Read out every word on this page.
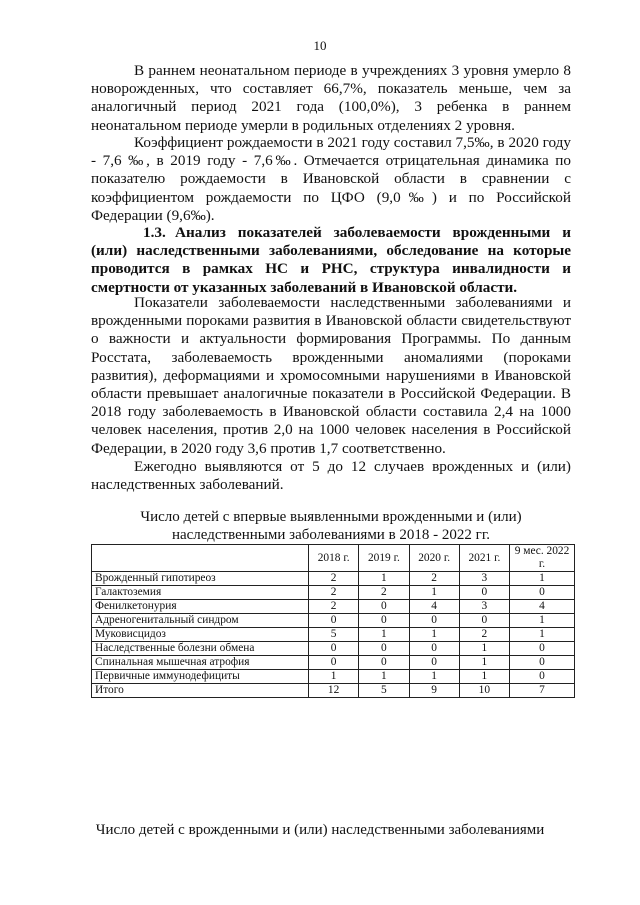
10

В раннем неонатальном периоде в учреждениях 3 уровня умерло 8 новорожденных, что составляет 66,7%, показатель меньше, чем за аналогичный период 2021 года (100,0%), 3 ребенка в раннем неонатальном периоде умерли в родильных отделениях 2 уровня.

Коэффициент рождаемости в 2021 году составил 7,5‰, в 2020 году - 7,6 ‰, в 2019 году - 7,6‰. Отмечается отрицательная динамика по показателю рождаемости в Ивановской области в сравнении с коэффициентом рождаемости по ЦФО (9,0‰) и по Российской Федерации (9,6‰).

1.3. Анализ показателей заболеваемости врожденными и (или) наследственными заболеваниями, обследование на которые проводится в рамках НС и РНС, структура инвалидности и смертности от указанных заболеваний в Ивановской области.

Показатели заболеваемости наследственными заболеваниями и врожденными пороками развития в Ивановской области свидетельствуют о важности и актуальности формирования Программы. По данным Росстата, заболеваемость врожденными аномалиями (пороками развития), деформациями и хромосомными нарушениями в Ивановской области превышает аналогичные показатели в Российской Федерации. В 2018 году заболеваемость в Ивановской области составила 2,4 на 1000 человек населения, против 2,0 на 1000 человек населения в Российской Федерации, в 2020 году 3,6 против 1,7 соответственно.

Ежегодно выявляются от 5 до 12 случаев врожденных и (или) наследственных заболеваний.

Число детей с впервые выявленными врожденными и (или) наследственными заболеваниями в 2018 - 2022 гг.
	2018 г.	2019 г.	2020 г.	2021 г.	9 мес. 2022 г.
Врожденный гипотиреоз	2	1	2	3	1
Галактоземия	2	2	1	0	0
Фенилкетонурия	2	0	4	3	4
Адреногенитальный синдром	0	0	0	0	1
Муковисцидоз	5	1	1	2	1
Наследственные болезни обмена	0	0	0	1	0
Спинальная мышечная атрофия	0	0	0	1	0
Первичные иммунодефициты	1	1	1	1	0
Итого	12	5	9	10	7
Число детей с врожденными и (или) наследственными заболеваниями
